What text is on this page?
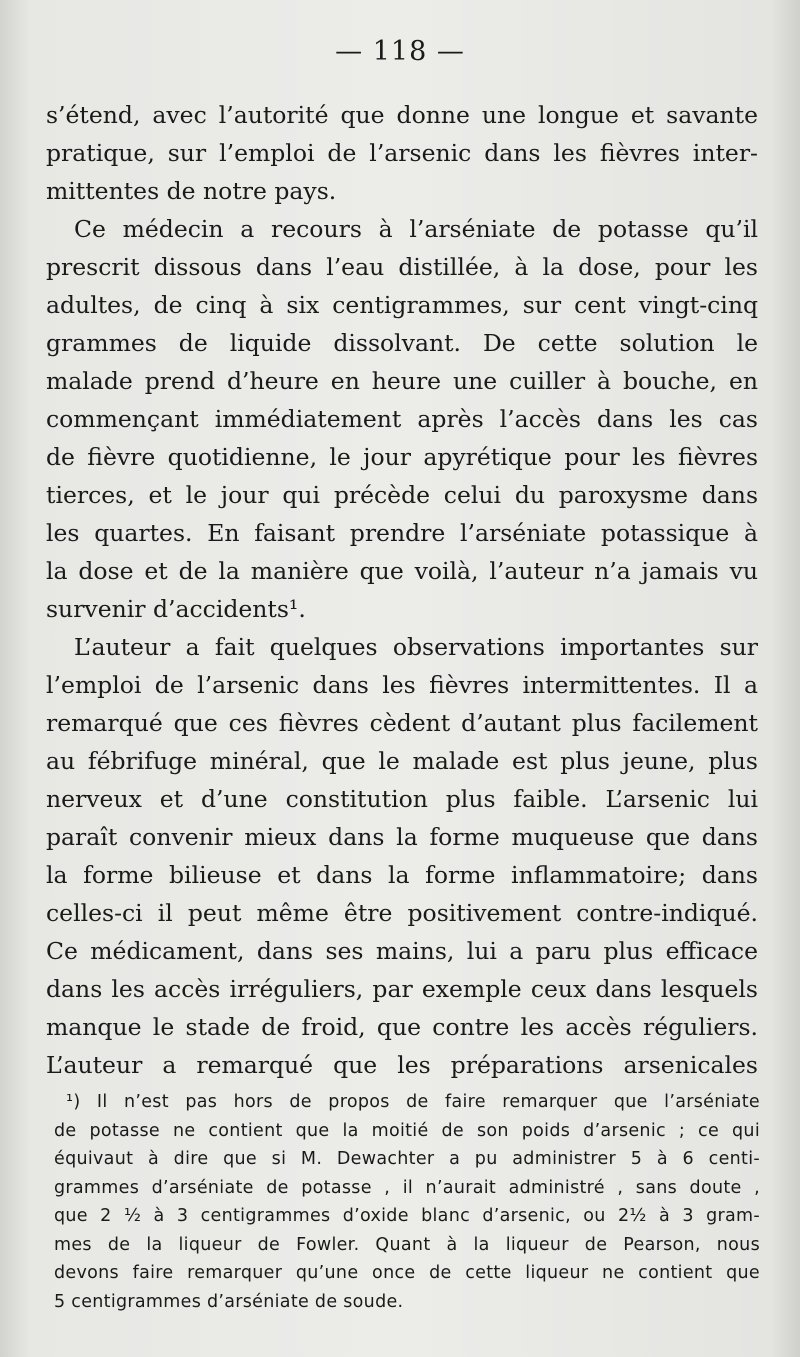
— 118 —
s’étend, avec l’autorité que donne une longue et savante
pratique, sur l’emploi de l’arsenic dans les fièvres inter-
mittentes de notre pays.
Ce médecin a recours à l’arséniate de potasse qu’il
prescrit dissous dans l’eau distillée, à la dose, pour les
adultes, de cinq à six centigrammes, sur cent vingt-cinq
grammes de liquide dissolvant. De cette solution le
malade prend d’heure en heure une cuiller à bouche, en
commençant immédiatement après l’accès dans les cas
de fièvre quotidienne, le jour apyrétique pour les fièvres
tierces, et le jour qui précède celui du paroxysme dans
les quartes. En faisant prendre l’arséniate potassique à
la dose et de la manière que voilà, l’auteur n’a jamais vu
survenir d’accidents¹.
L’auteur a fait quelques observations importantes sur
l’emploi de l’arsenic dans les fièvres intermittentes. Il a
remarqué que ces fièvres cèdent d’autant plus facilement
au fébrifuge minéral, que le malade est plus jeune, plus
nerveux et d’une constitution plus faible. L’arsenic lui
paraît convenir mieux dans la forme muqueuse que dans
la forme bilieuse et dans la forme inflammatoire; dans
celles-ci il peut même être positivement contre-indiqué.
Ce médicament, dans ses mains, lui a paru plus efficace
dans les accès irréguliers, par exemple ceux dans lesquels
manque le stade de froid, que contre les accès réguliers.
L’auteur a remarqué que les préparations arsenicales
¹) Il n’est pas hors de propos de faire remarquer que l’arséniate
de potasse ne contient que la moitié de son poids d’arsenic ; ce qui
équivaut à dire que si M. Dewachter a pu administrer 5 à 6 centi-
grammes d’arséniate de potasse , il n’aurait administré , sans doute ,
que 2 ½ à 3 centigrammes d’oxide blanc d’arsenic, ou 2½ à 3 gram-
mes de la liqueur de Fowler. Quant à la liqueur de Pearson, nous
devons faire remarquer qu’une once de cette liqueur ne contient que
5 centigrammes d’arséniate de soude.
